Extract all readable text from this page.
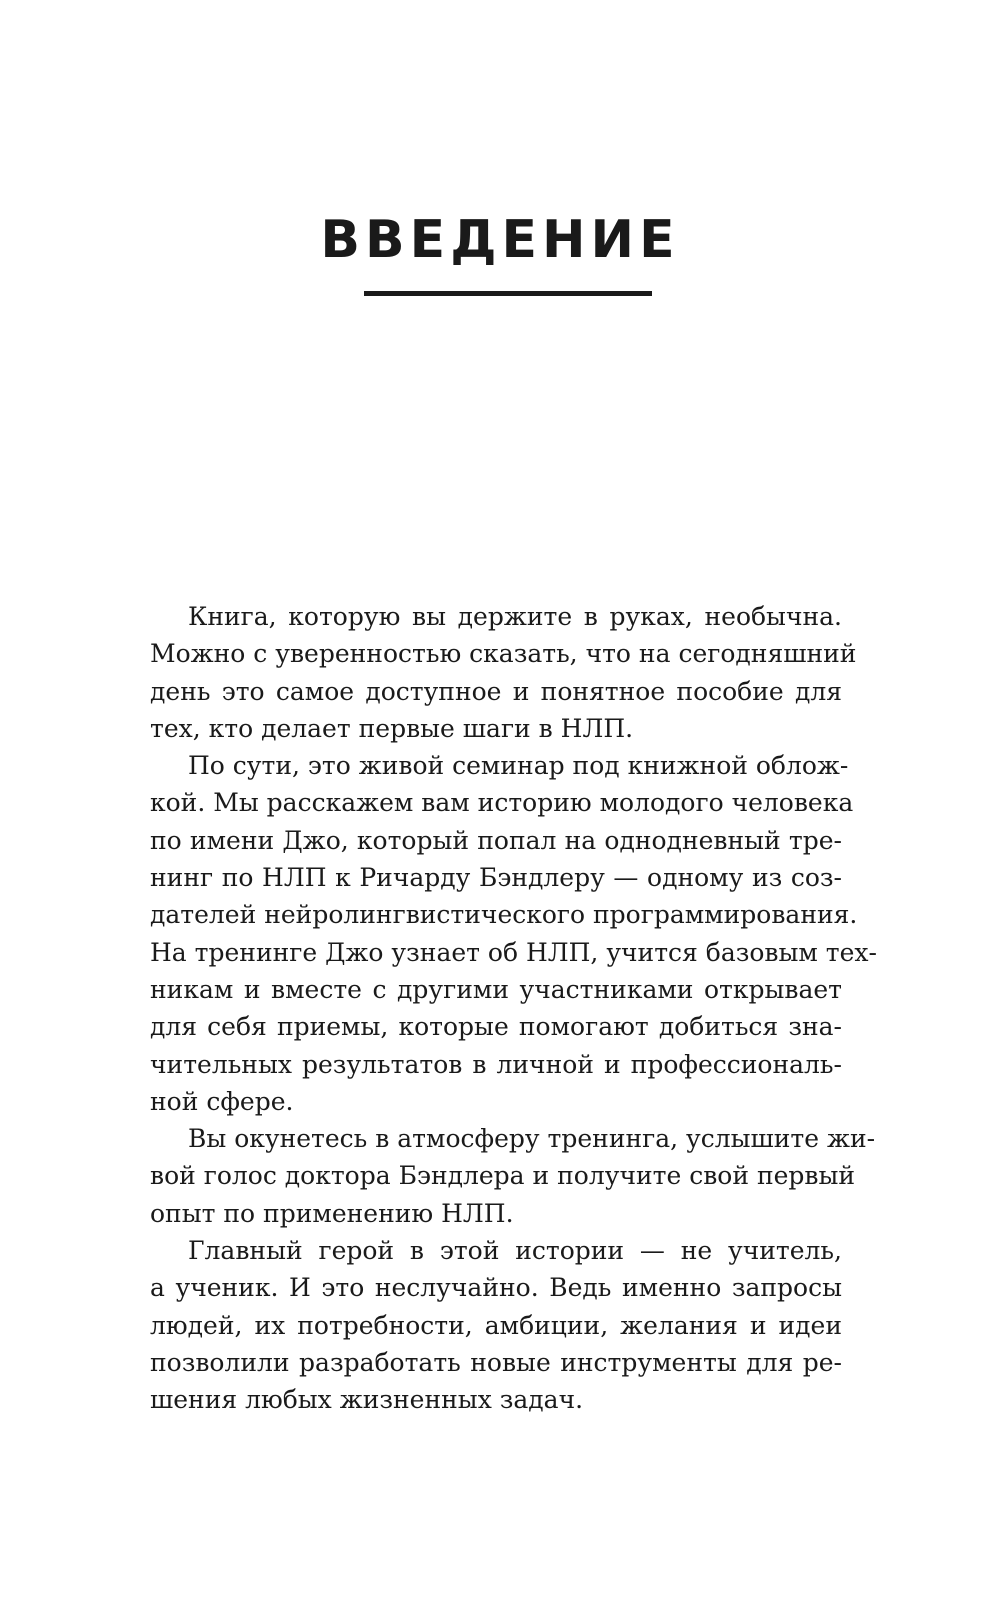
ВВЕДЕНИЕ
Книга, которую вы держите в руках, необычна.
Можно с уверенностью сказать, что на сегодняшний
день это самое доступное и понятное пособие для
тех, кто делает первые шаги в НЛП.
По сути, это живой семинар под книжной облож-
кой. Мы расскажем вам историю молодого человека
по имени Джо, который попал на однодневный тре-
нинг по НЛП к Ричарду Бэндлеру — одному из соз-
дателей нейролингвистического программирования.
На тренинге Джо узнает об НЛП, учится базовым тех-
никам и вместе с другими участниками открывает
для себя приемы, которые помогают добиться зна-
чительных результатов в личной и профессиональ-
ной сфере.
Вы окунетесь в атмосферу тренинга, услышите жи-
вой голос доктора Бэндлера и получите свой первый
опыт по применению НЛП.
Главный герой в этой истории — не учитель,
а ученик. И это неслучайно. Ведь именно запросы
людей, их потребности, амбиции, желания и идеи
позволили разработать новые инструменты для ре-
шения любых жизненных задач.
